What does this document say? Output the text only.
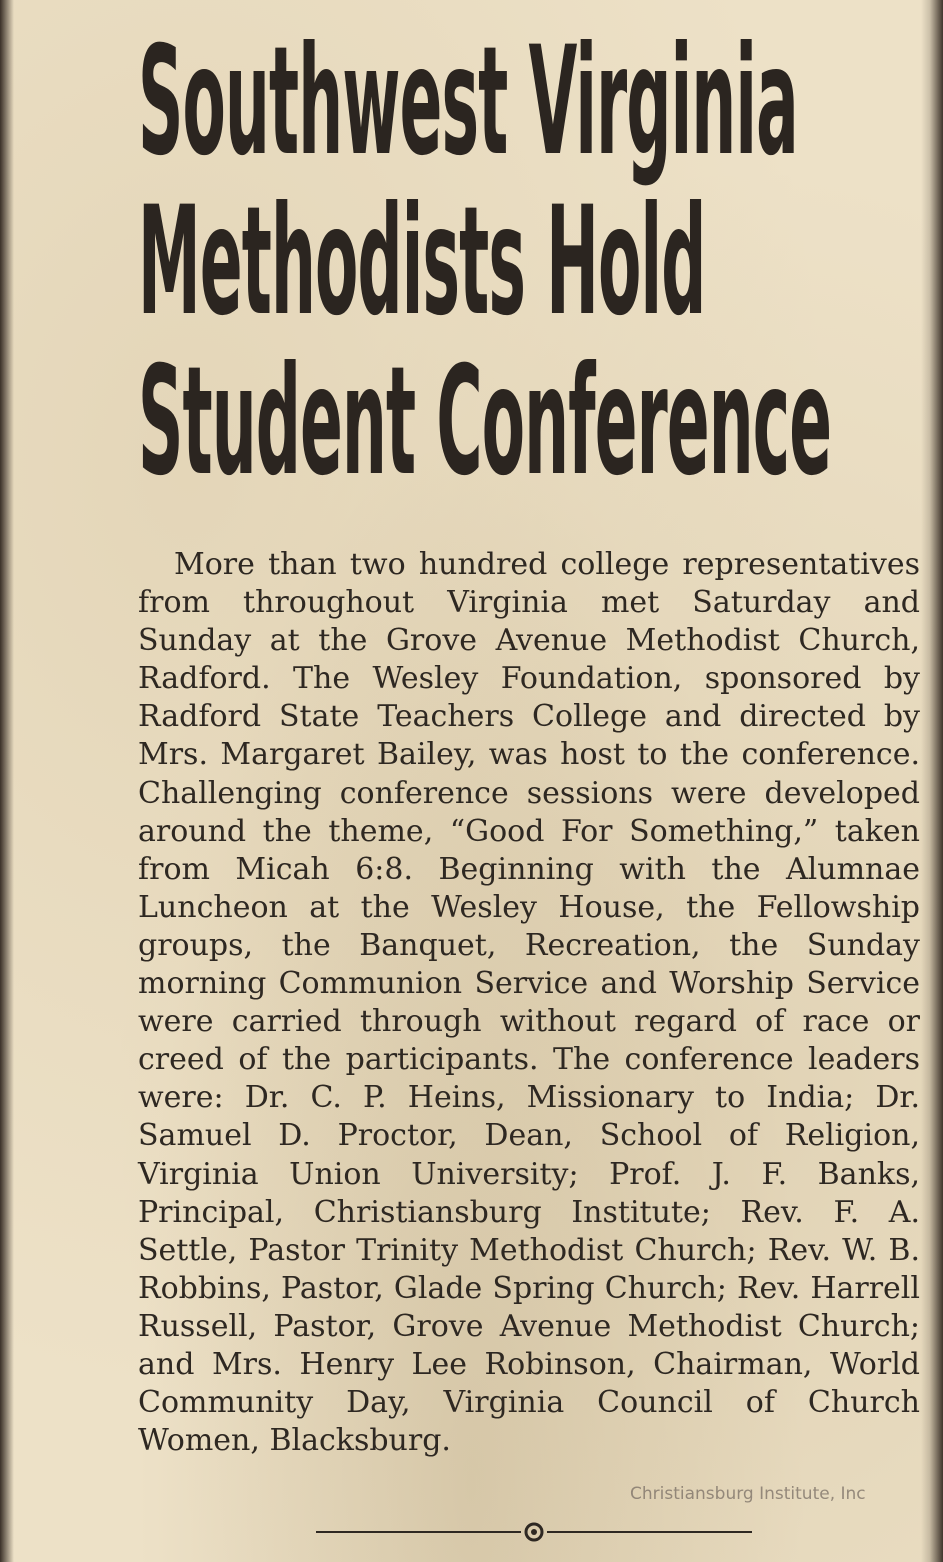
Southwest Virginia
Methodists Hold
Student Conference

More than two hundred college representatives from throughout Virginia met Saturday and Sunday at the Grove Avenue Methodist Church, Radford. The Wesley Foundation, sponsored by Radford State Teachers College and directed by Mrs. Margaret Bailey, was host to the conference. Challenging conference sessions were developed around the theme, “Good For Something,” taken from Micah 6:8. Beginning with the Alumnae Luncheon at the Wesley House, the Fellowship groups, the Banquet, Recreation, the Sunday morning Communion Service and Worship Service were carried through without regard of race or creed of the participants. The conference leaders were: Dr. C. P. Heins, Missionary to India; Dr. Samuel D. Proctor, Dean, School of Religion, Virginia Union University; Prof. J. F. Banks, Principal, Christiansburg Institute; Rev. F. A. Settle, Pastor Trinity Methodist Church; Rev. W. B. Robbins, Pastor, Glade Spring Church; Rev. Harrell Russell, Pastor, Grove Avenue Methodist Church; and Mrs. Henry Lee Robinson, Chairman, World Community Day, Virginia Council of Church Women, Blacksburg.

Christiansburg Institute, Inc
